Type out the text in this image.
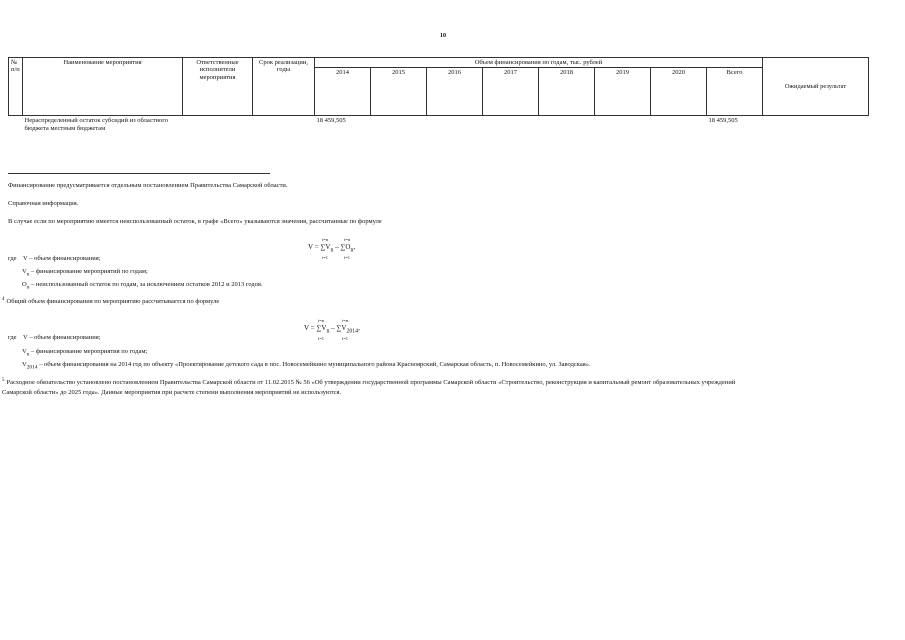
10
№ п/п	Наименование мероприятия	Ответственные исполнители мероприятия	Срок реализации, годы	Объем финансирования по годам, тыс. рублей								Ожидаемый результат
				2014	2015	2016	2017	2018	2019	2020	Всего	
	Нераспределенный остаток субсидий из областного бюджета местным бюджетам			18 459,505							18 459,505	
Финансирование предусматривается отдельным постановлением Правительства Самарской области.
Справочная информация.
В случае если по мероприятию имеется неиспользованный остаток, в графе «Всего» указываются значения, рассчитанные по формуле
i=n	i=n
$V = \sum V_n - \sum O_n$,
i=1	i=1
где V – объем финансирования;
$V_n$ – финансирование мероприятий по годам;
$O_n$ – неиспользованный остаток по годам, за исключением остатков 2012 и 2013 годов.
$^4$ Общий объем финансирования по мероприятию рассчитывается по формуле
i=n	i=n
$V = \sum V_n - \sum V_{2014}$,
i=1	i=1
где V – объем финансирования;
$V_n$ – финансирование мероприятия по годам;
$V_{2014}$ – объем финансирования на 2014 год по объекту «Проектирование детского сада в пос. Новосемейкино муниципального района Красноярский, Самарская область, п. Новосемейкино, ул. Заводская».
$^5$ Расходное обязательство установлено постановлением Правительства Самарской области от 11.02.2015 № 56 «Об утверждении государственной программы Самарской области «Строительство, реконструкция и капитальный ремонт образовательных учреждений
Самарской области» до 2025 года». Данные мероприятия при расчете степени выполнения мероприятий не используются.
